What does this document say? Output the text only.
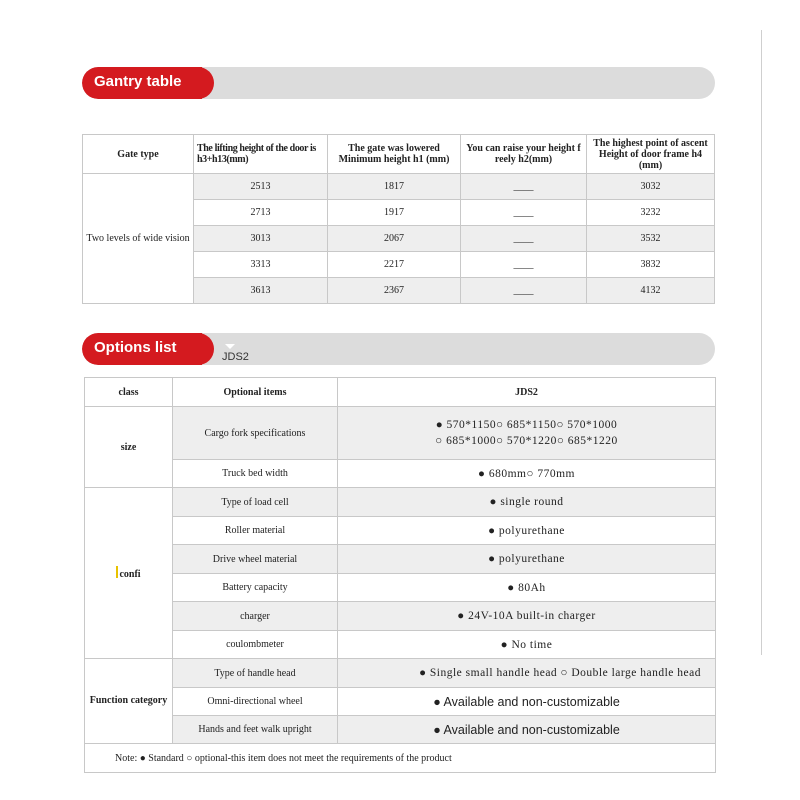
Gantry table
Gate type	The lifting height of the door is h3+h13(mm)	The gate was lowered Minimum height h1 (mm)	You can raise your height f reely h2(mm)	The highest point of ascent Height of door frame h4 (mm)
Two levels of wide vision	2513	1817	____	3032
	2713	1917	____	3232
	3013	2067	____	3532
	3313	2217	____	3832
	3613	2367	____	4132
Options list
JDS2
class	Optional items	JDS2
size	Cargo fork specifications	● 570*1150○ 685*1150○ 570*1000
○ 685*1000○ 570*1220○ 685*1220

	Truck bed width	● 680mm○ 770mm
confi	Type of load cell	● single round
	Roller material	● polyurethane
	Drive wheel material	● polyurethane
	Battery capacity	● 80Ah
	charger	● 24V-10A built-in charger
	coulombmeter	● No time
Function category	Type of handle head	● Single small handle head ○ Double large handle head
	Omni-directional wheel	● Available and non-customizable
	Hands and feet walk upright	● Available and non-customizable
Note: ● Standard ○ optional-this item does not meet the requirements of the product		
